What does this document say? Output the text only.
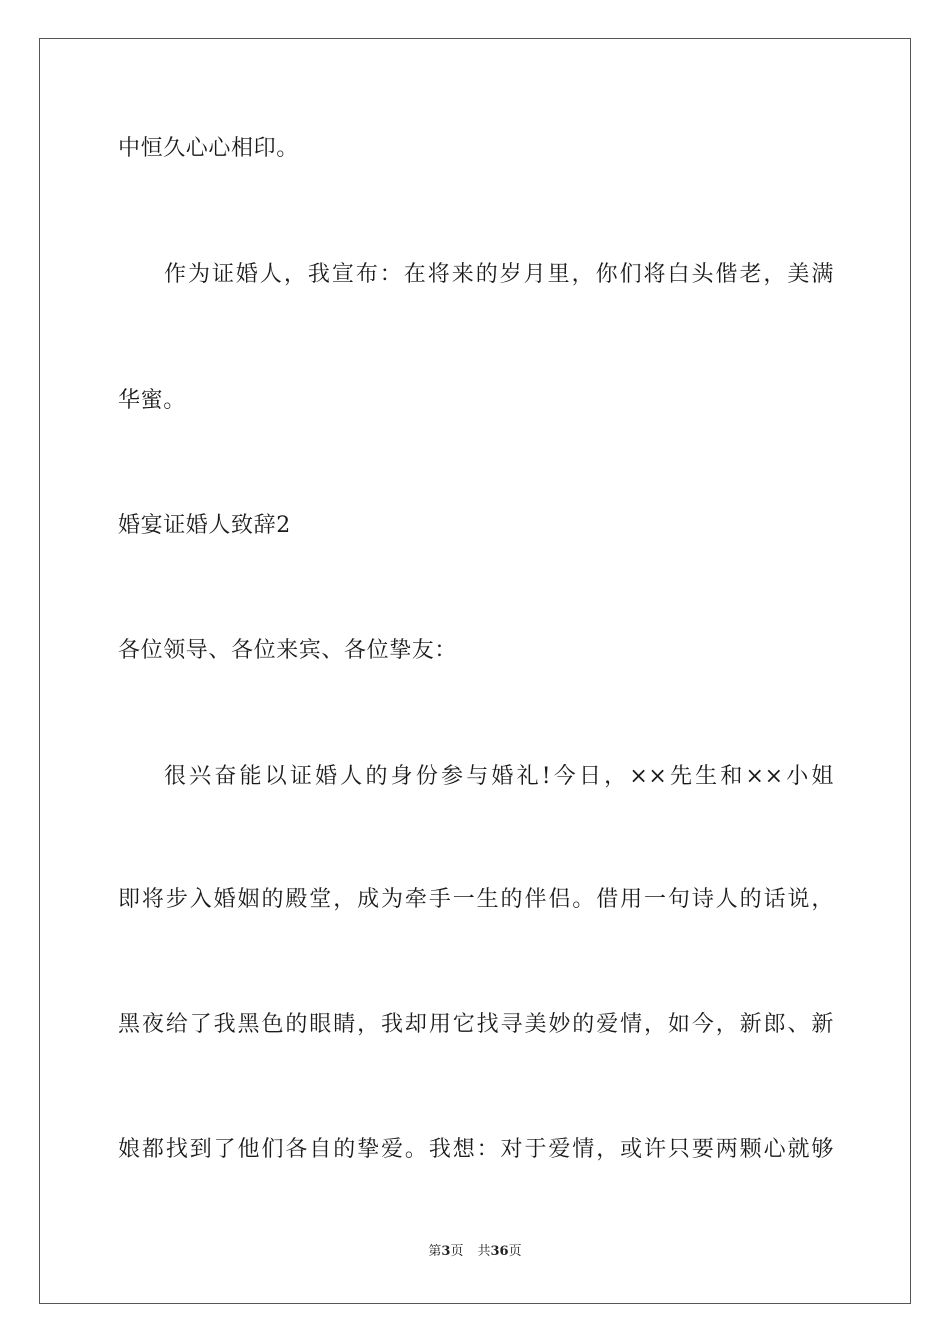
中恒久心心相印。
作为证婚人，我宣布：在将来的岁月里，你们将白头偕老，美满
华蜜。
婚宴证婚人致辞2
各位领导、各位来宾、各位挚友：
很兴奋能以证婚人的身份参与婚礼!今日，××先生和××小姐
即将步入婚姻的殿堂，成为牵手一生的伴侣。借用一句诗人的话说，
黑夜给了我黑色的眼睛，我却用它找寻美妙的爱情，如今，新郎、新
娘都找到了他们各自的挚爱。我想：对于爱情，或许只要两颗心就够
第3页 共36页
